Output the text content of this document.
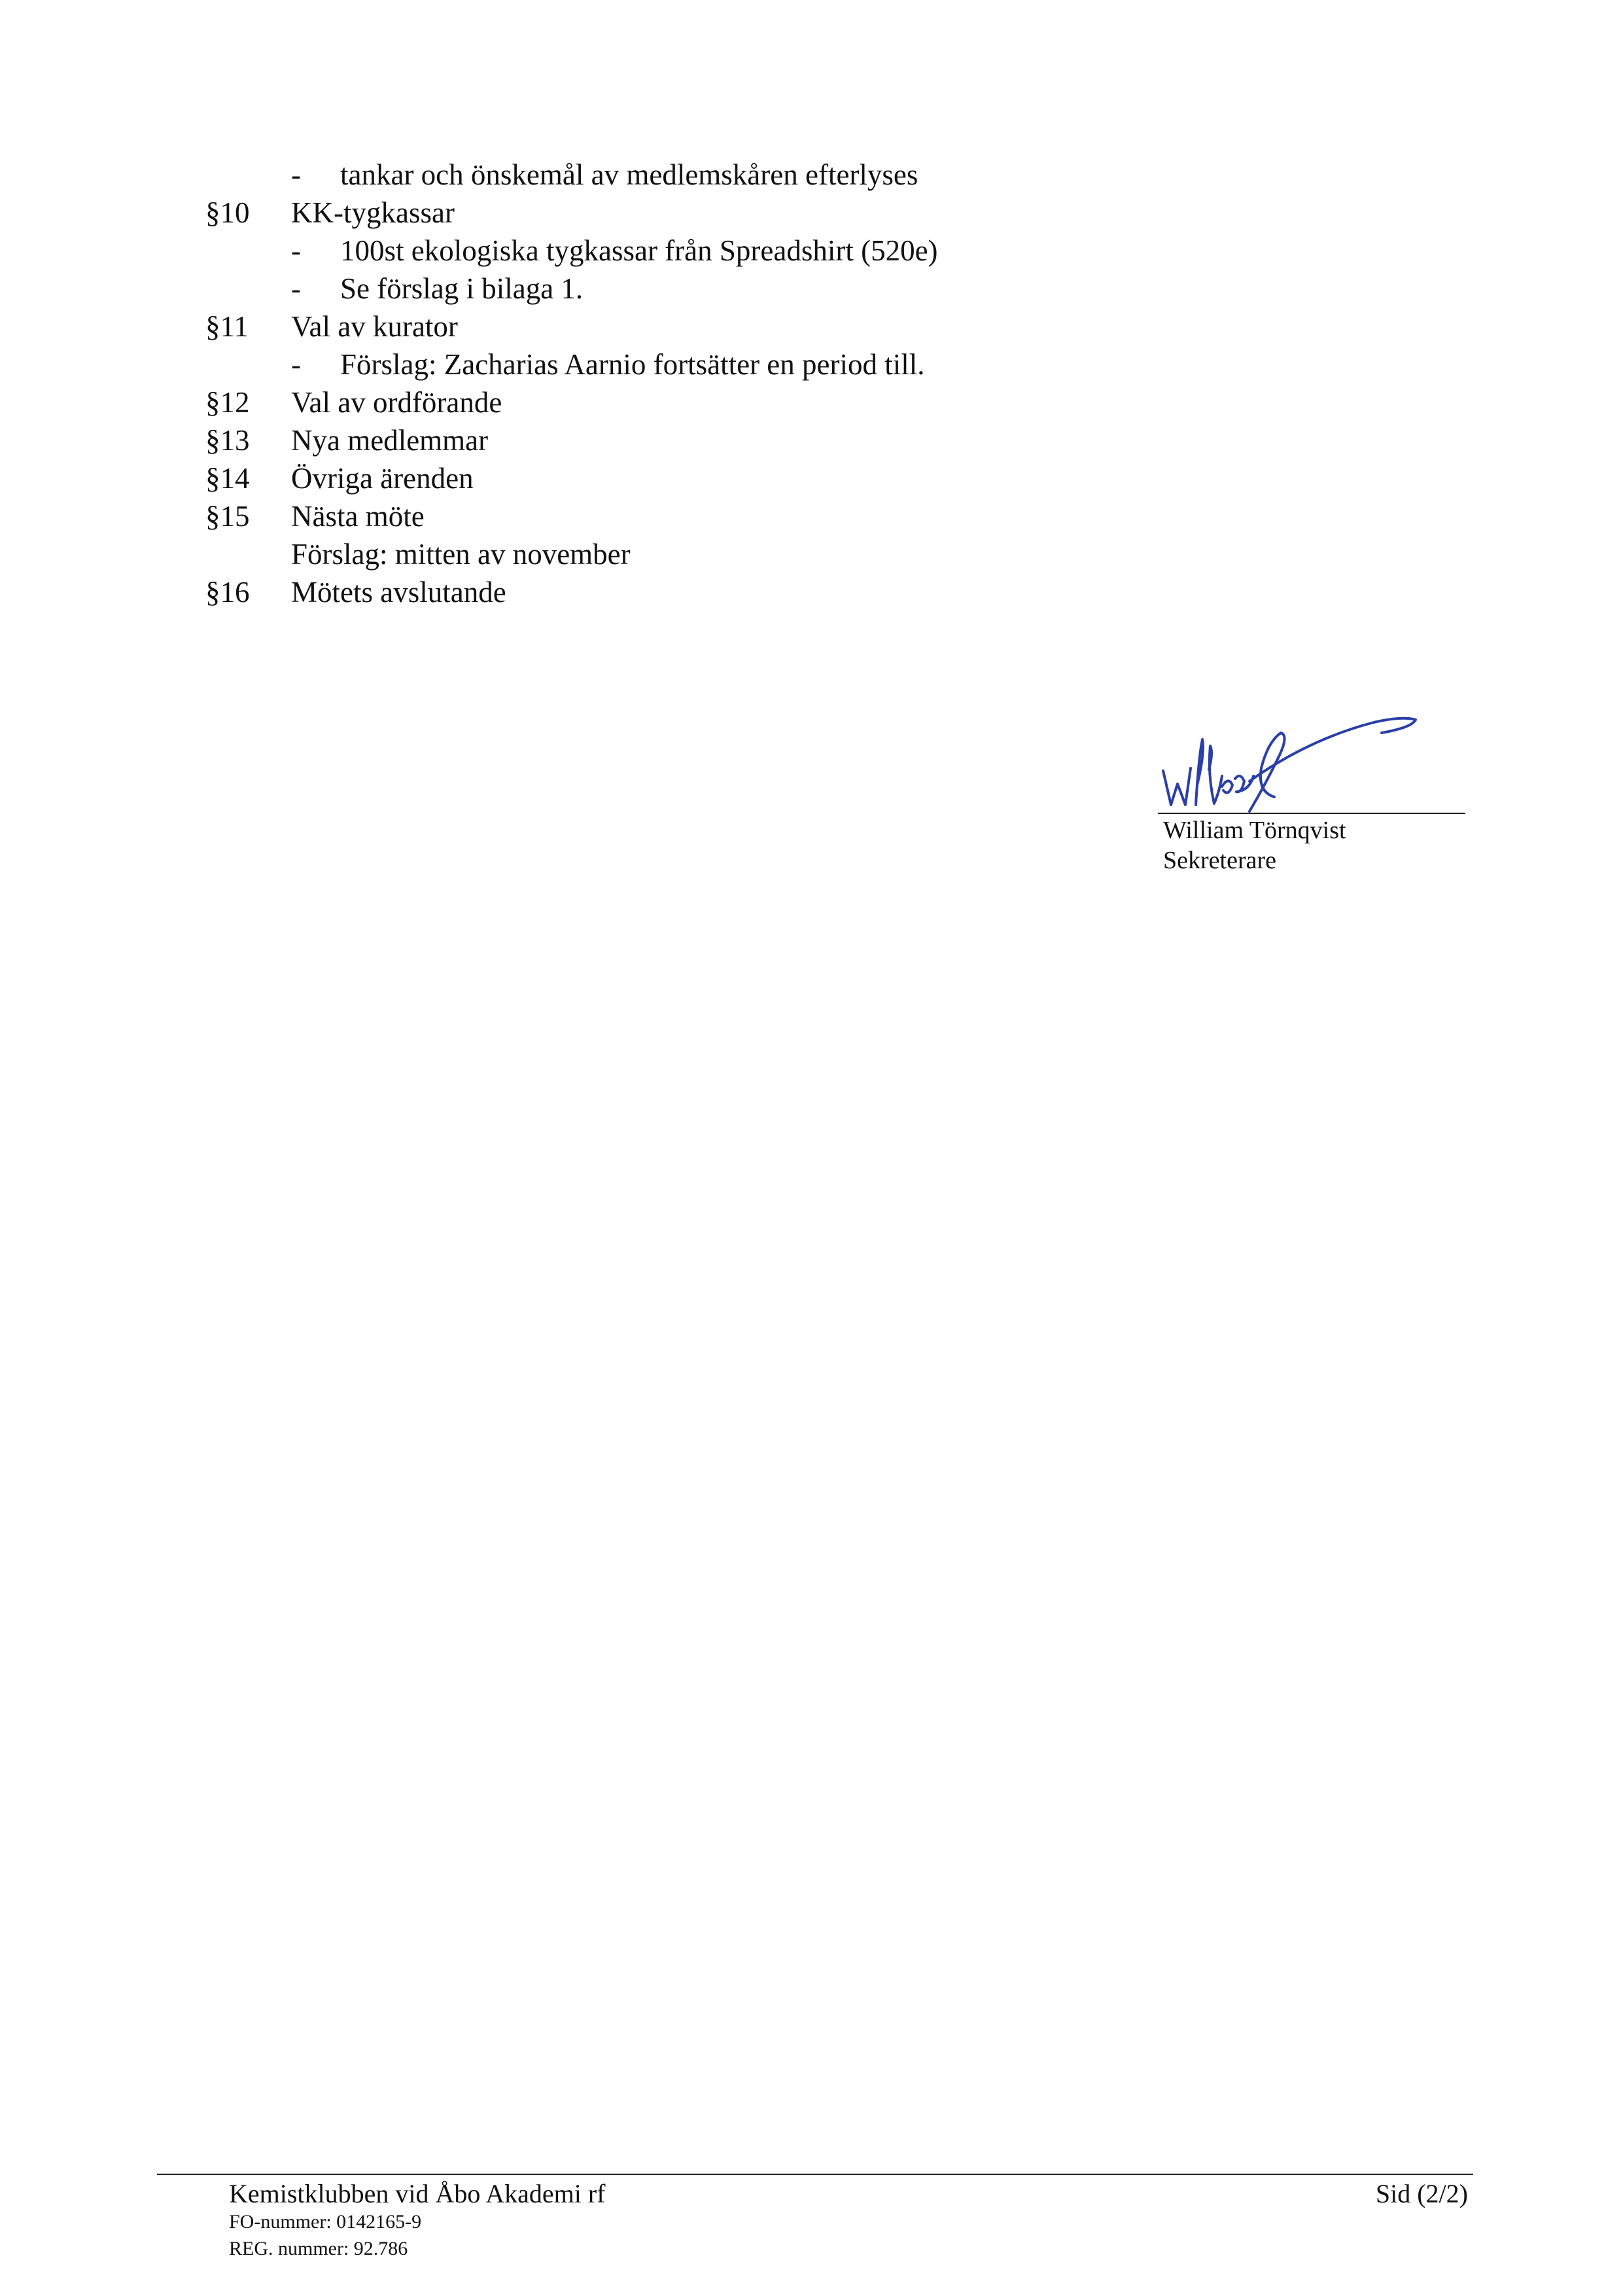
- tankar och önskemål av medlemskåren efterlyses
§10 KK-tygkassar
- 100st ekologiska tygkassar från Spreadshirt (520e)
- Se förslag i bilaga 1.
§11 Val av kurator
- Förslag: Zacharias Aarnio fortsätter en period till.
§12 Val av ordförande
§13 Nya medlemmar
§14 Övriga ärenden
§15 Nästa möte
Förslag: mitten av november
§16 Mötets avslutande
William Törnqvist
Sekreterare
Kemistklubben vid Åbo Akademi rf	Sid (2/2)
FO-nummer: 0142165-9
REG. nummer: 92.786
